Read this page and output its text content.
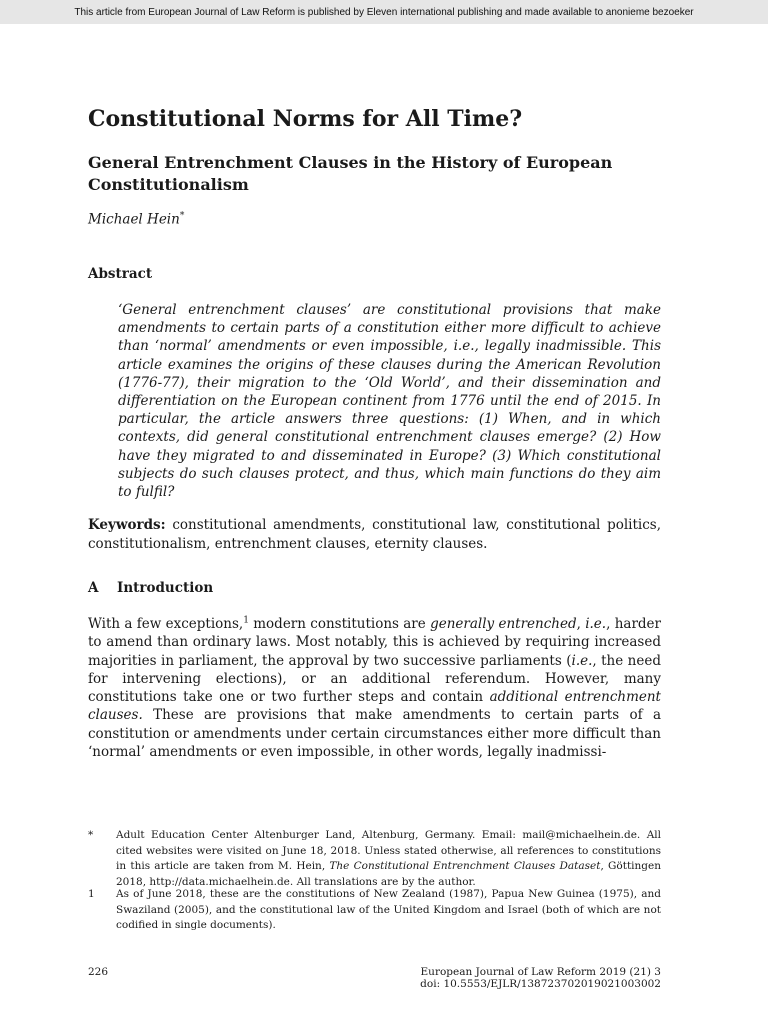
This article from European Journal of Law Reform is published by Eleven international publishing and made available to anonieme bezoeker
Constitutional Norms for All Time?
General Entrenchment Clauses in the History of European Constitutionalism
Michael Hein*
Abstract

‘General entrenchment clauses’ are constitutional provisions that make amendments to certain parts of a constitution either more difficult to achieve than ‘normal’ amendments or even impossible, i.e., legally inadmissible. This article examines the origins of these clauses during the American Revolution (1776-77), their migration to the ‘Old World’, and their dissemination and differentiation on the European continent from 1776 until the end of 2015. In particular, the article answers three questions: (1) When, and in which contexts, did general constitutional entrenchment clauses emerge? (2) How have they migrated to and disseminated in Europe? (3) Which constitutional subjects do such clauses protect, and thus, which main functions do they aim to fulfil?

Keywords: constitutional amendments, constitutional law, constitutional politics, constitutionalism, entrenchment clauses, eternity clauses.

A Introduction

With a few exceptions,$^1$ modern constitutions are generally entrenched, i.e., harder to amend than ordinary laws. Most notably, this is achieved by requiring increased majorities in parliament, the approval by two successive parliaments (i.e., the need for intervening elections), or an additional referendum. However, many constitutions take one or two further steps and contain additional entrenchment clauses. These are provisions that make amendments to certain parts of a constitution or amendments under certain circumstances either more difficult than ‘normal’ amendments or even impossible, in other words, legally inadmissi-

*	Adult Education Center Altenburger Land, Altenburg, Germany. Email: mail@michaelhein.de. All cited websites were visited on June 18, 2018. Unless stated otherwise, all references to constitutions in this article are taken from M. Hein, The Constitutional Entrenchment Clauses Dataset, Göttingen 2018, http://data.michaelhein.de. All translations are by the author.
1	As of June 2018, these are the constitutions of New Zealand (1987), Papua New Guinea (1975), and Swaziland (2005), and the constitutional law of the United Kingdom and Israel (both of which are not codified in single documents).
226	European Journal of Law Reform 2019 (21) 3
doi: 10.5553/EJLR/138723702019021003002
